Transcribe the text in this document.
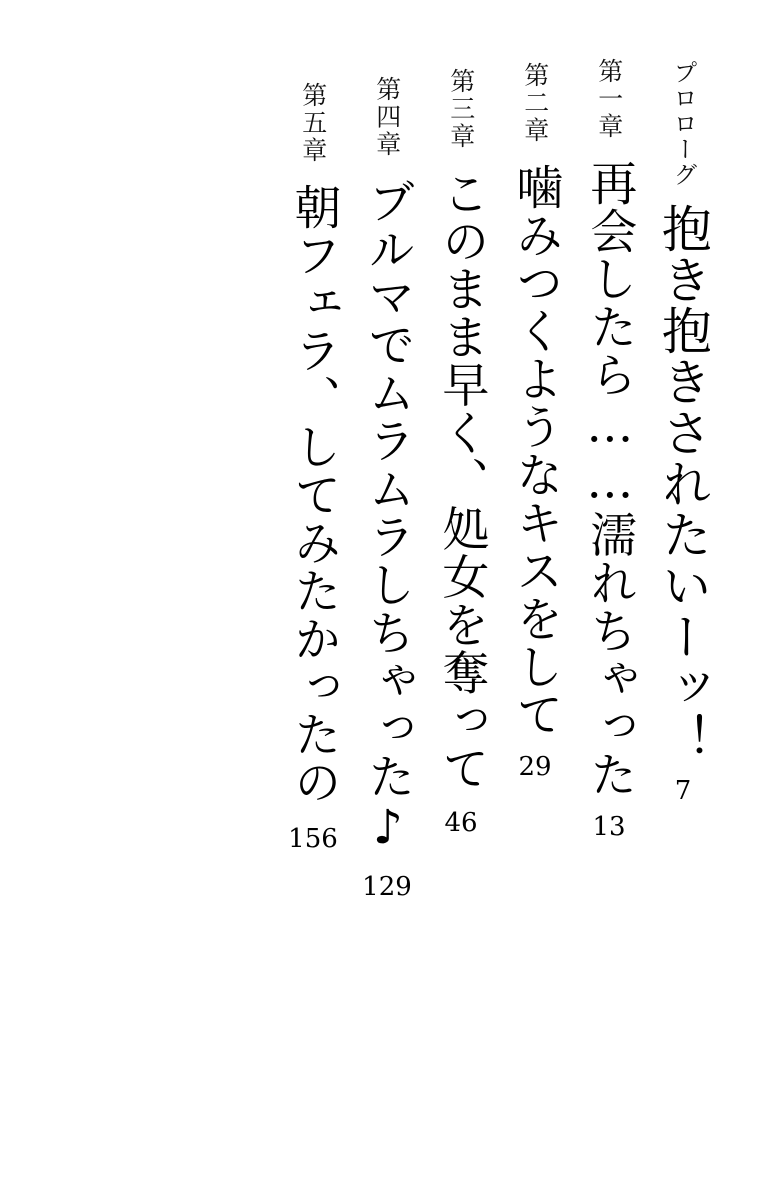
プロローグ
抱き抱きされたいーッ！
7
第一章
再会したら……濡れちゃった
13
第二章
噛みつくようなキスをして
29
第三章
このまま早く、処女を奪って
46
第四章
ブルマでムラムラしちゃった♪
129
第五章
朝フェラ、してみたかったの
156
